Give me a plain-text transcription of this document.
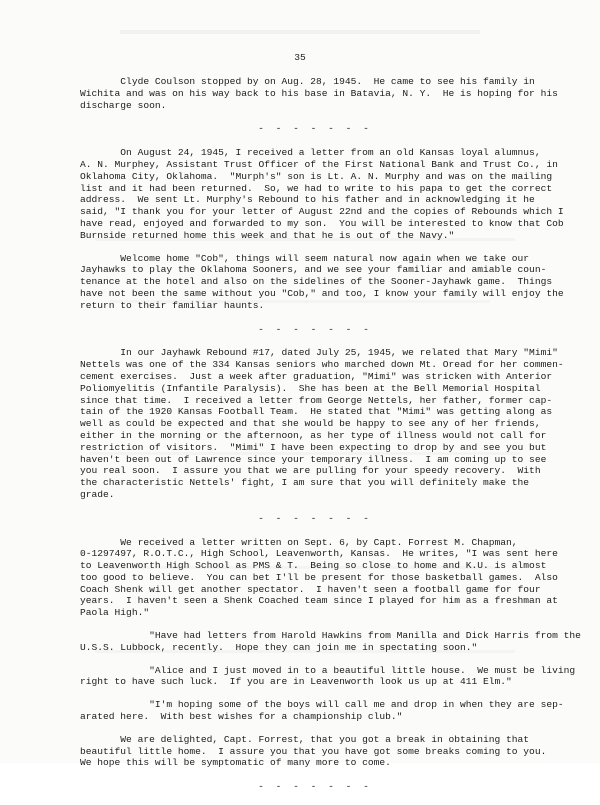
35
Clyde Coulson stopped by on Aug. 28, 1945.  He came to see his family in
Wichita and was on his way back to his base in Batavia, N. Y.  He is hoping for his
discharge soon.
- - - - - - -
On August 24, 1945, I received a letter from an old Kansas loyal alumnus,
A. N. Murphey, Assistant Trust Officer of the First National Bank and Trust Co., in
Oklahoma City, Oklahoma.  "Murph's" son is Lt. A. N. Murphy and was on the mailing
list and it had been returned.  So, we had to write to his papa to get the correct
address.  We sent Lt. Murphy's Rebound to his father and in acknowledging it he
said, "I thank you for your letter of August 22nd and the copies of Rebounds which I
have read, enjoyed and forwarded to my son.  You will be interested to know that Cob
Burnside returned home this week and that he is out of the Navy."
Welcome home "Cob", things will seem natural now again when we take our
Jayhawks to play the Oklahoma Sooners, and we see your familiar and amiable coun-
tenance at the hotel and also on the sidelines of the Sooner-Jayhawk game.  Things
have not been the same without you "Cob," and too, I know your family will enjoy the
return to their familiar haunts.
- - - - - - -
In our Jayhawk Rebound #17, dated July 25, 1945, we related that Mary "Mimi"
Nettels was one of the 334 Kansas seniors who marched down Mt. Oread for her commen-
cement exercises.  Just a week after graduation, "Mimi" was stricken with Anterior
Poliomyelitis (Infantile Paralysis).  She has been at the Bell Memorial Hospital
since that time.  I received a letter from George Nettels, her father, former cap-
tain of the 1920 Kansas Football Team.  He stated that "Mimi" was getting along as
well as could be expected and that she would be happy to see any of her friends,
either in the morning or the afternoon, as her type of illness would not call for
restriction of visitors.  "Mimi" I have been expecting to drop by and see you but
haven't been out of Lawrence since your temporary illness.  I am coming up to see
you real soon.  I assure you that we are pulling for your speedy recovery.  With
the characteristic Nettels' fight, I am sure that you will definitely make the
grade.
- - - - - - -
We received a letter written on Sept. 6, by Capt. Forrest M. Chapman,
0-1297497, R.O.T.C., High School, Leavenworth, Kansas.  He writes, "I was sent here
to Leavenworth High School as PMS & T.  Being so close to home and K.U. is almost
too good to believe.  You can bet I'll be present for those basketball games.  Also
Coach Shenk will get another spectator.  I haven't seen a football game for four
years.  I haven't seen a Shenk Coached team since I played for him as a freshman at
Paola High."
"Have had letters from Harold Hawkins from Manilla and Dick Harris from the
U.S.S. Lubbock, recently.  Hope they can join me in spectating soon."
"Alice and I just moved in to a beautiful little house.  We must be living
right to have such luck.  If you are in Leavenworth look us up at 411 Elm."
"I'm hoping some of the boys will call me and drop in when they are sep-
arated here.  With best wishes for a championship club."
We are delighted, Capt. Forrest, that you got a break in obtaining that
beautiful little home.  I assure you that you have got some breaks coming to you.
We hope this will be symptomatic of many more to come.
- - - - - - -
